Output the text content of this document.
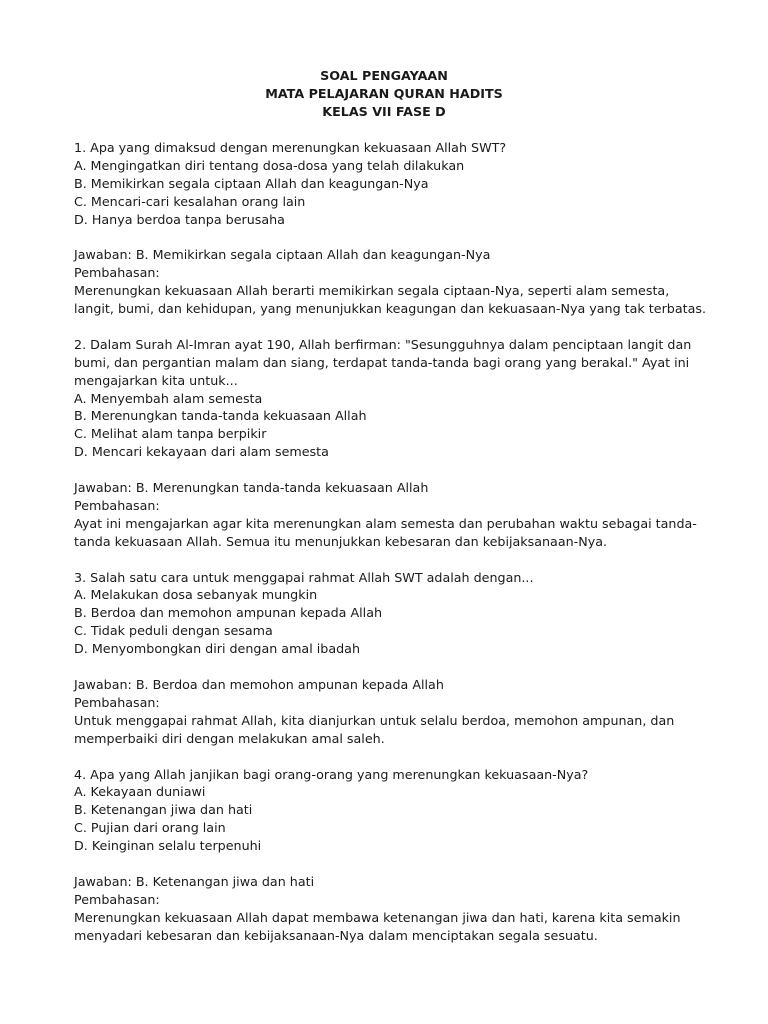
SOAL PENGAYAAN
MATA PELAJARAN QURAN HADITS
KELAS VII FASE D
1. Apa yang dimaksud dengan merenungkan kekuasaan Allah SWT?
A. Mengingatkan diri tentang dosa-dosa yang telah dilakukan
B. Memikirkan segala ciptaan Allah dan keagungan-Nya
C. Mencari-cari kesalahan orang lain
D. Hanya berdoa tanpa berusaha
Jawaban: B. Memikirkan segala ciptaan Allah dan keagungan-Nya
Pembahasan:
Merenungkan kekuasaan Allah berarti memikirkan segala ciptaan-Nya, seperti alam semesta,
langit, bumi, dan kehidupan, yang menunjukkan keagungan dan kekuasaan-Nya yang tak terbatas.
2. Dalam Surah Al-Imran ayat 190, Allah berfirman: "Sesungguhnya dalam penciptaan langit dan
bumi, dan pergantian malam dan siang, terdapat tanda-tanda bagi orang yang berakal." Ayat ini
mengajarkan kita untuk...
A. Menyembah alam semesta
B. Merenungkan tanda-tanda kekuasaan Allah
C. Melihat alam tanpa berpikir
D. Mencari kekayaan dari alam semesta
Jawaban: B. Merenungkan tanda-tanda kekuasaan Allah
Pembahasan:
Ayat ini mengajarkan agar kita merenungkan alam semesta dan perubahan waktu sebagai tanda-
tanda kekuasaan Allah. Semua itu menunjukkan kebesaran dan kebijaksanaan-Nya.
3. Salah satu cara untuk menggapai rahmat Allah SWT adalah dengan...
A. Melakukan dosa sebanyak mungkin
B. Berdoa dan memohon ampunan kepada Allah
C. Tidak peduli dengan sesama
D. Menyombongkan diri dengan amal ibadah
Jawaban: B. Berdoa dan memohon ampunan kepada Allah
Pembahasan:
Untuk menggapai rahmat Allah, kita dianjurkan untuk selalu berdoa, memohon ampunan, dan
memperbaiki diri dengan melakukan amal saleh.
4. Apa yang Allah janjikan bagi orang-orang yang merenungkan kekuasaan-Nya?
A. Kekayaan duniawi
B. Ketenangan jiwa dan hati
C. Pujian dari orang lain
D. Keinginan selalu terpenuhi
Jawaban: B. Ketenangan jiwa dan hati
Pembahasan:
Merenungkan kekuasaan Allah dapat membawa ketenangan jiwa dan hati, karena kita semakin
menyadari kebesaran dan kebijaksanaan-Nya dalam menciptakan segala sesuatu.
